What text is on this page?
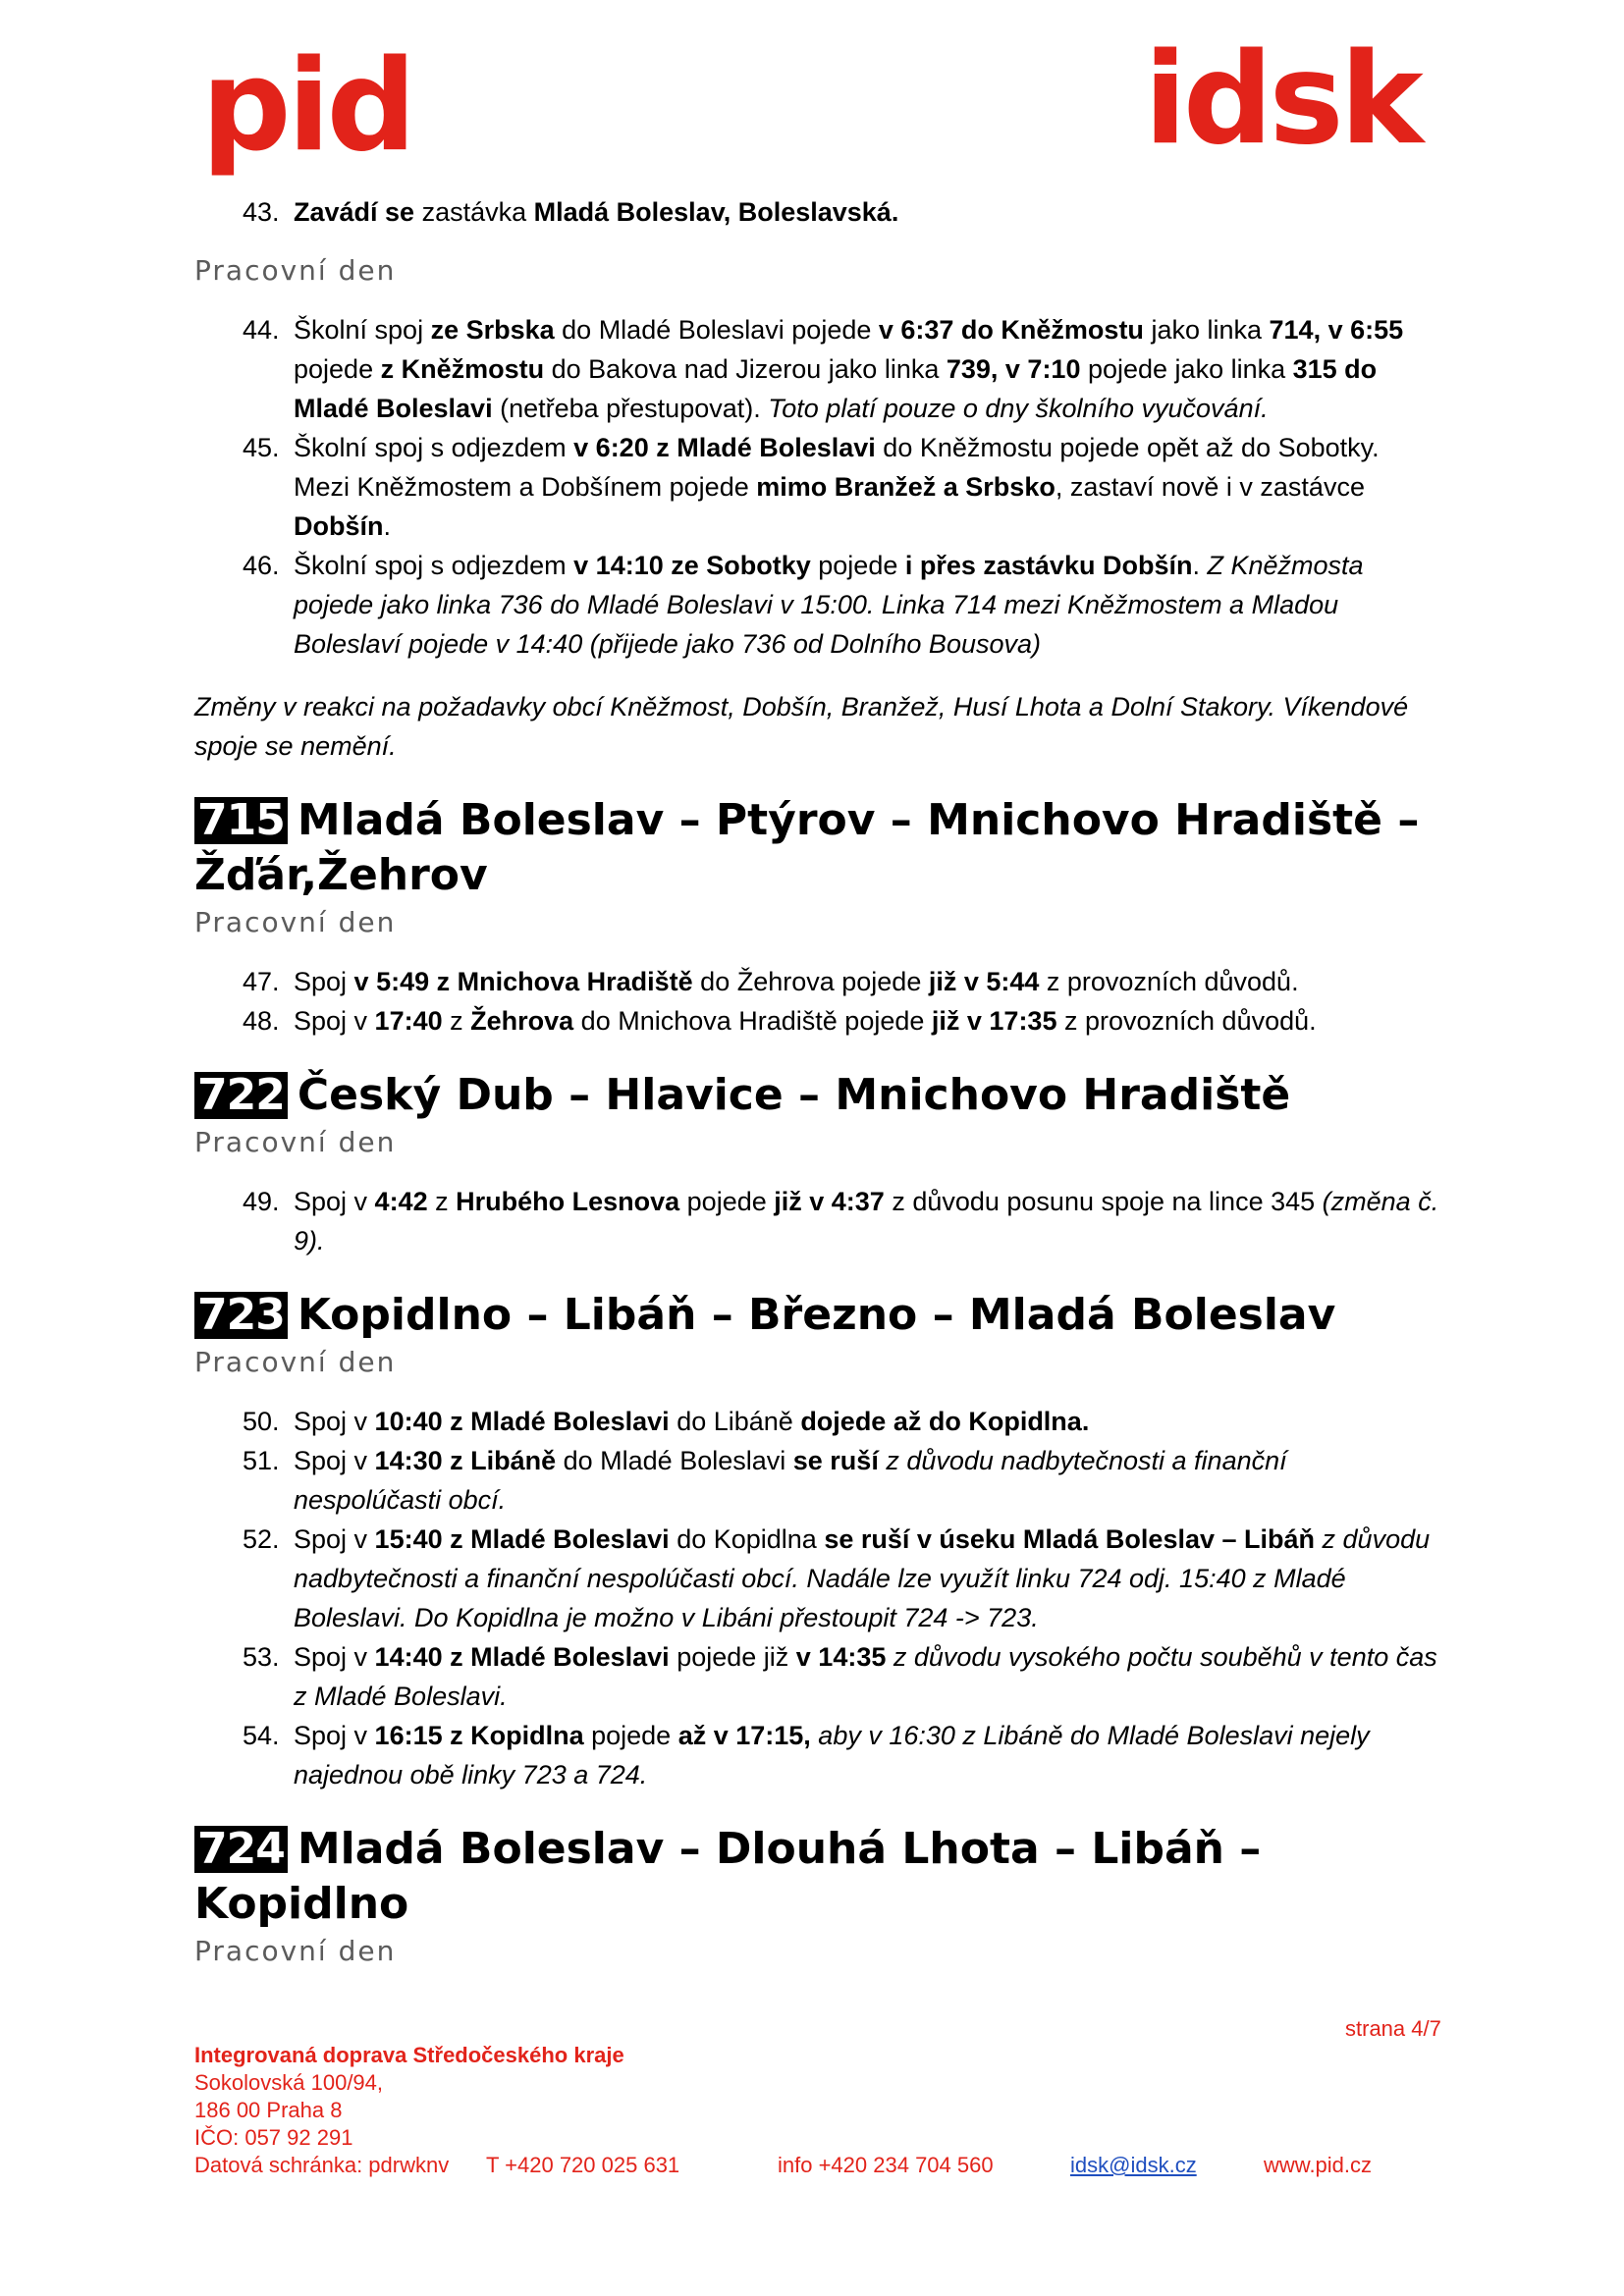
pid	idsk
43. Zavádí se zastávka Mladá Boleslav, Boleslavská.
Pracovní den
44. Školní spoj ze Srbska do Mladé Boleslavi pojede v 6:37 do Kněžmostu jako linka 714, v 6:55 pojede z Kněžmostu do Bakova nad Jizerou jako linka 739, v 7:10 pojede jako linka 315 do Mladé Boleslavi (netřeba přestupovat). Toto platí pouze o dny školního vyučování.
45. Školní spoj s odjezdem v 6:20 z Mladé Boleslavi do Kněžmostu pojede opět až do Sobotky. Mezi Kněžmostem a Dobšínem pojede mimo Branžež a Srbsko, zastaví nově i v zastávce Dobšín.
46. Školní spoj s odjezdem v 14:10 ze Sobotky pojede i přes zastávku Dobšín. Z Kněžmosta pojede jako linka 736 do Mladé Boleslavi v 15:00. Linka 714 mezi Kněžmostem a Mladou Boleslaví pojede v 14:40 (přijede jako 736 od Dolního Bousova)
Změny v reakci na požadavky obcí Kněžmost, Dobšín, Branžež, Husí Lhota a Dolní Stakory. Víkendové spoje se nemění.
715 Mladá Boleslav – Ptýrov – Mnichovo Hradiště – Žďár,Žehrov
Pracovní den
47. Spoj v 5:49 z Mnichova Hradiště do Žehrova pojede již v 5:44 z provozních důvodů.
48. Spoj v 17:40 z Žehrova do Mnichova Hradiště pojede již v 17:35 z provozních důvodů.
722 Český Dub – Hlavice – Mnichovo Hradiště
Pracovní den
49. Spoj v 4:42 z Hrubého Lesnova pojede již v 4:37 z důvodu posunu spoje na lince 345 (změna č. 9).
723 Kopidlno – Libáň – Březno – Mladá Boleslav
Pracovní den
50. Spoj v 10:40 z Mladé Boleslavi do Libáně dojede až do Kopidlna.
51. Spoj v 14:30 z Libáně do Mladé Boleslavi se ruší z důvodu nadbytečnosti a finanční nespolúčasti obcí.
52. Spoj v 15:40 z Mladé Boleslavi do Kopidlna se ruší v úseku Mladá Boleslav – Libáň z důvodu nadbytečnosti a finanční nespolúčasti obcí. Nadále lze využít linku 724 odj. 15:40 z Mladé Boleslavi. Do Kopidlna je možno v Libáni přestoupit 724 -> 723.
53. Spoj v 14:40 z Mladé Boleslavi pojede již v 14:35 z důvodu vysokého počtu souběhů v tento čas z Mladé Boleslavi.
54. Spoj v 16:15 z Kopidlna pojede až v 17:15, aby v 16:30 z Libáně do Mladé Boleslavi nejely najednou obě linky 723 a 724.
724 Mladá Boleslav – Dlouhá Lhota – Libáň – Kopidlno
Pracovní den
strana 4/7
Integrovaná doprava Středočeského kraje
Sokolovská 100/94,
186 00 Praha 8
IČO: 057 92 291
Datová schránka: pdrwknv T +420 720 025 631	info +420 234 704 560	idsk@idsk.cz	www.pid.cz
